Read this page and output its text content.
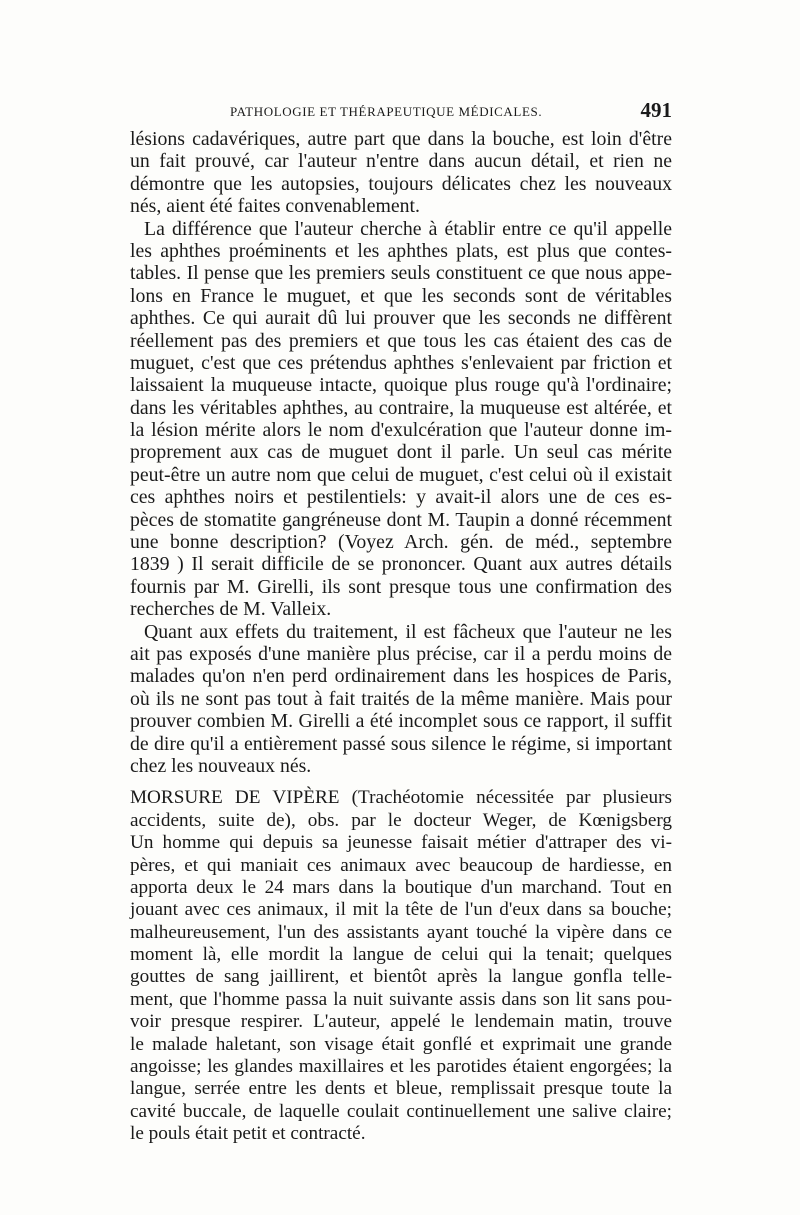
PATHOLOGIE ET THÉRAPEUTIQUE MÉDICALES.	491
lésions cadavériques, autre part que dans la bouche, est loin d'être
un fait prouvé, car l'auteur n'entre dans aucun détail, et rien ne
démontre que les autopsies, toujours délicates chez les nouveaux
nés, aient été faites convenablement.
La différence que l'auteur cherche à établir entre ce qu'il appelle
les aphthes proéminents et les aphthes plats, est plus que contes-
tables. Il pense que les premiers seuls constituent ce que nous appe-
lons en France le muguet, et que les seconds sont de véritables
aphthes. Ce qui aurait dû lui prouver que les seconds ne diffèrent
réellement pas des premiers et que tous les cas étaient des cas de
muguet, c'est que ces prétendus aphthes s'enlevaient par friction et
laissaient la muqueuse intacte, quoique plus rouge qu'à l'ordinaire;
dans les véritables aphthes, au contraire, la muqueuse est altérée, et
la lésion mérite alors le nom d'exulcération que l'auteur donne im-
proprement aux cas de muguet dont il parle. Un seul cas mérite
peut-être un autre nom que celui de muguet, c'est celui où il existait
ces aphthes noirs et pestilentiels: y avait-il alors une de ces es-
pèces de stomatite gangréneuse dont M. Taupin a donné récemment
une bonne description? (Voyez Arch. gén. de méd., septembre
1839 ) Il serait difficile de se prononcer. Quant aux autres détails
fournis par M. Girelli, ils sont presque tous une confirmation des
recherches de M. Valleix.
Quant aux effets du traitement, il est fâcheux que l'auteur ne les
ait pas exposés d'une manière plus précise, car il a perdu moins de
malades qu'on n'en perd ordinairement dans les hospices de Paris,
où ils ne sont pas tout à fait traités de la même manière. Mais pour
prouver combien M. Girelli a été incomplet sous ce rapport, il suffit
de dire qu'il a entièrement passé sous silence le régime, si important
chez les nouveaux nés.
MORSURE DE VIPÈRE (Trachéotomie nécessitée par plusieurs
accidents, suite de), obs. par le docteur Weger, de Kœnigsberg
Un homme qui depuis sa jeunesse faisait métier d'attraper des vi-
pères, et qui maniait ces animaux avec beaucoup de hardiesse, en
apporta deux le 24 mars dans la boutique d'un marchand. Tout en
jouant avec ces animaux, il mit la tête de l'un d'eux dans sa bouche;
malheureusement, l'un des assistants ayant touché la vipère dans ce
moment là, elle mordit la langue de celui qui la tenait; quelques
gouttes de sang jaillirent, et bientôt après la langue gonfla telle-
ment, que l'homme passa la nuit suivante assis dans son lit sans pou-
voir presque respirer. L'auteur, appelé le lendemain matin, trouve
le malade haletant, son visage était gonflé et exprimait une grande
angoisse; les glandes maxillaires et les parotides étaient engorgées; la
langue, serrée entre les dents et bleue, remplissait presque toute la
cavité buccale, de laquelle coulait continuellement une salive claire;
le pouls était petit et contracté.
